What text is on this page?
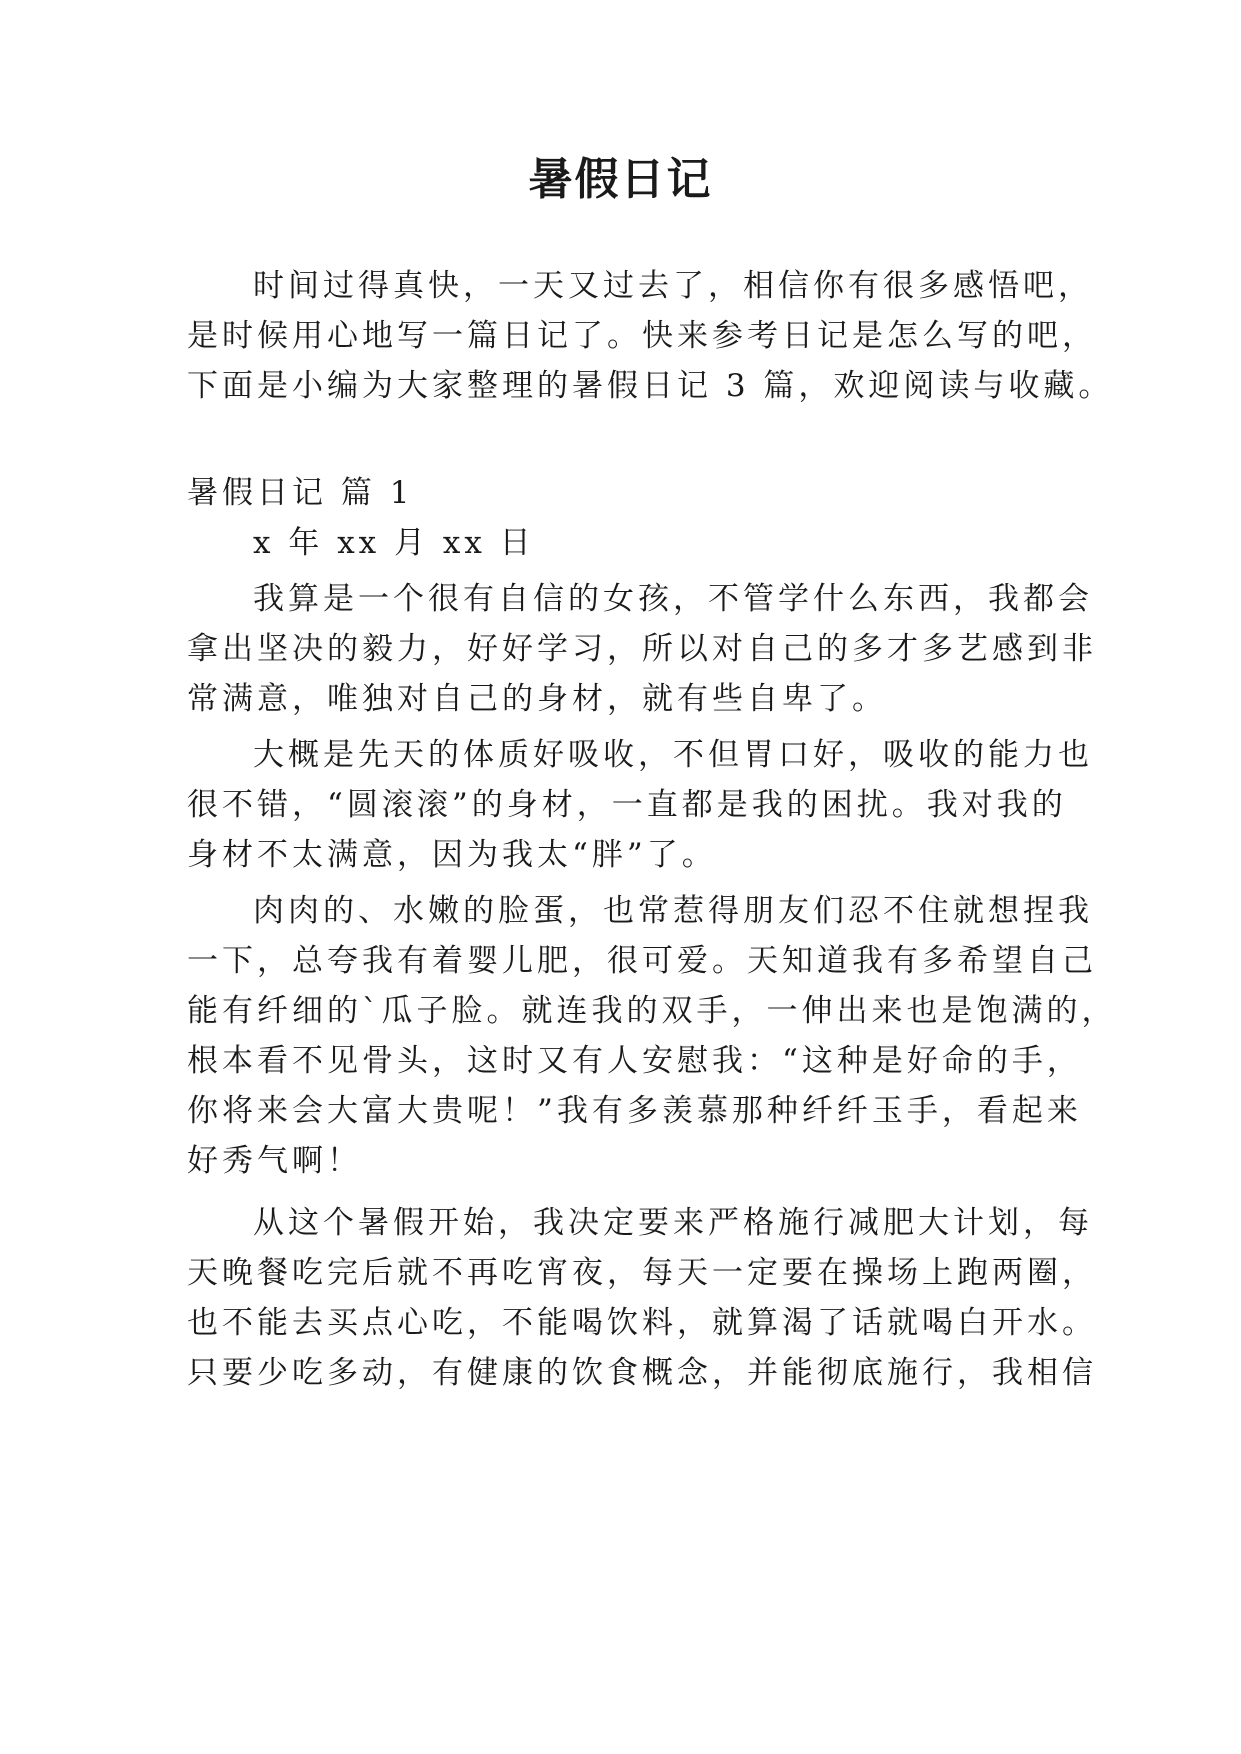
暑假日记
时间过得真快，一天又过去了，相信你有很多感悟吧，
是时候用心地写一篇日记了。快来参考日记是怎么写的吧，
下面是小编为大家整理的暑假日记 3 篇，欢迎阅读与收藏。
暑假日记 篇 1
x 年 xx 月 xx 日
我算是一个很有自信的女孩，不管学什么东西，我都会
拿出坚决的毅力，好好学习，所以对自己的多才多艺感到非
常满意，唯独对自己的身材，就有些自卑了。
大概是先天的体质好吸收，不但胃口好，吸收的能力也
很不错，“圆滚滚”的身材，一直都是我的困扰。我对我的
身材不太满意，因为我太“胖”了。
肉肉的、水嫩的脸蛋，也常惹得朋友们忍不住就想捏我
一下，总夸我有着婴儿肥，很可爱。天知道我有多希望自己
能有纤细的`瓜子脸。就连我的双手，一伸出来也是饱满的，
根本看不见骨头，这时又有人安慰我：“这种是好命的手，
你将来会大富大贵呢！”我有多羡慕那种纤纤玉手，看起来
好秀气啊！
从这个暑假开始，我决定要来严格施行减肥大计划，每
天晚餐吃完后就不再吃宵夜，每天一定要在操场上跑两圈，
也不能去买点心吃，不能喝饮料，就算渴了话就喝白开水。
只要少吃多动，有健康的饮食概念，并能彻底施行，我相信
